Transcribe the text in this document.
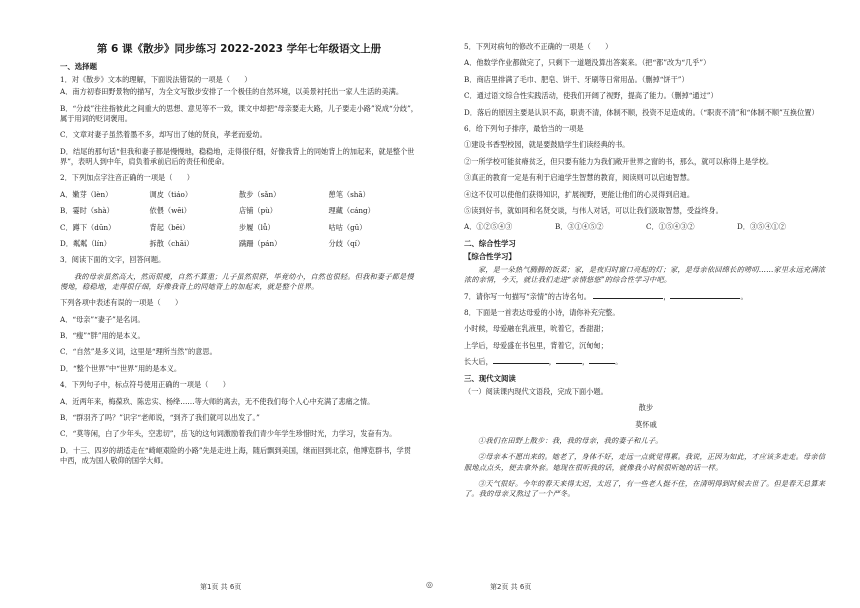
第 6 课《散步》同步练习 2022-2023 学年七年级语文上册
一、选择题
1．对《散步》文本的理解，下面说法错误的一项是（　　）
A．南方初春田野景物的描写，为全文写散步安排了一个极佳的自然环境，以美景衬托出一家人生活的美满。
B．“分歧”往往指彼此之间重大的思想、意见等不一致，课文中却把“母亲要走大路，儿子要走小路”说成“分歧”，属于用词的贬词褒用。
C．文章对妻子虽然着墨不多，却写出了她的贤良，孝老而爱幼。
D．结尾的那句话“但我和妻子都是慢慢地，稳稳地，走得很仔细，好像我背上的同她背上的加起来，就是整个世界”，表明人到中年，肩负着承前启后的责任和使命。
2．下列加点字注音正确的一项是（　　）
A．嫩芽（lèn）	调皮（tiáo）	散步（sǎn）	憩笔（shā）
B．霎时（shà）	依偎（wēi）	店铺（pù）	理藏（cáng）
C．蹲下（dūn）	背起（bēi）	步履（lǚ）	咕咕（gū）
D．粼粼（lín）	拆散（chāi）	蹒跚（pán）	分歧（qí）
3．阅读下面的文字，回答问题。
我的母亲虽然高大，然而很瘦，自然不算重；儿子虽然很胖，毕竟幼小，自然也很轻。但我和妻子都是慢慢地，稳稳地，走得很仔细，好像我背上的同她背上的加起来，就是整个世界。
下列各项中表述有误的一项是（　　）
A．“母亲”“妻子”是名词。
B．“瘦”“胖”用的是本义。
C．“自然”是多义词，这里是“理所当然”的意思。
D．“整个世界”中“世界”用的是本义。
4．下列句子中，标点符号使用正确的一项是（　　）
A．近两年来，梅葆玖、陈忠实、杨绛……等大师的离去，无不使我们每个人心中充满了悲痛之情。
B．“群羽齐了吗？”识字“老师说，“到齐了我们就可以出发了。”
C．“莫等闲，白了少年头，空悲切”，岳飞的这句词激励着我们青少年学生珍惜时光，力学习，发奋有为。
D．十三、四岁的胡适走在“崎岖艰险的小路”先是走进上海，随后飘到美国，继而回到北京，他博览群书，学贯中西，成为国人敬仰的国学大师。
第1页 共 6页	◎
5．下列对病句的修改不正确的一项是（　　）
A．他数学作业都做完了，只剩下一道题没算出答案来。（把“都”改为“几乎”）
B．商店里排满了毛巾、肥皂、饼干、牙刷等日常用品。（删掉“饼干”）
C．通过语文综合性实践活动，使我们开阔了视野，提高了能力。（删掉“通过”）
D．落后的原因主要是认识不高，职责不清，体制不顺，投资不足造成的。（“职责不清”和“体制不顺”互换位置）
6．给下列句子排序，最恰当的一项是
①建设书香型校园，就是要鼓励学生们读经典的书。
②一所学校可能贫瘠贫乏，但只要有能力为我们敞开世界之窗的书，那么，就可以称得上是学校。
③真正的教育一定是有利于启迪学生智慧的教育，阅读则可以启迪智慧。
④这不仅可以使他们获得知识，扩展视野，更能让他们的心灵得到启迪。
⑤读到好书，就如同和名贤交谈，与伟人对话，可以让我们汲取智慧，受益终身。
A．①②⑤④③	B．③①④⑤②	C．①⑤④③②	D．③⑤④①②
二、综合性学习
【综合性学习】
家，是一朵热气腾腾的饭菜；家，是夜归时窗口亮起的灯；家，是母亲依回绵长的唠叨……家里永远充满浓浓的亲情，今天，就让我们走进“亲情悠悠”的综合性学习中吧。
7．请你写一句描写“亲情”的古诗名句。	，	。
8．下面是一首表达母爱的小诗，请你补充完整。
小时候，母爱融在乳液里，吮着它，香甜甜；
上学后，母爱盛在书包里，背着它，沉甸甸；
长大后，	，	，	。
三、现代文阅读
（一）阅读课内现代文语段，完成下面小题。
散步
莫怀戚
①我们在田野上散步：我，我的母亲，我的妻子和儿子。
②母亲本不愿出来的。她老了，身体不好，走远一点就觉得累。我说，正因为如此，才应该多走走。母亲信服地点点头，便去拿外套。她现在很听我的话，就像我小时候很听她的话一样。
③天气很好。今年的春天来得太迟，太迟了，有一些老人挺不住，在清明得到时候去世了。但是春天总算来了。我的母亲又熬过了一个严冬。
第2页 共 6页
